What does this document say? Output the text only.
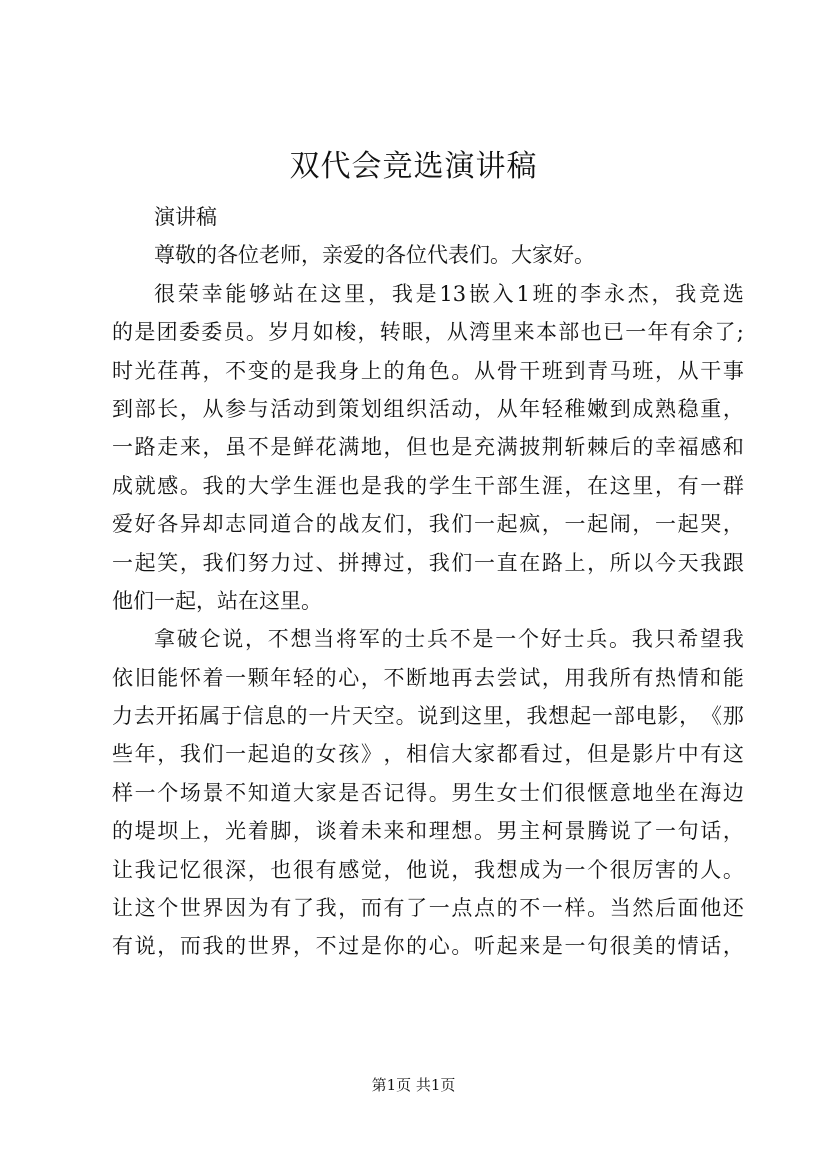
双代会竞选演讲稿
演讲稿
尊敬的各位老师，亲爱的各位代表们。大家好。
很 荣 幸 能 够 站 在 这 里 ， 我 是 13 嵌 入 1 班 的 李 永 杰 ， 我 竞 选
的 是 团 委 委 员 。 岁 月 如 梭 ， 转 眼 ， 从 湾 里 来 本 部 也 已 一 年 有 余 了 ;
时 光 荏 苒 ， 不 变 的 是 我 身 上 的 角 色 。 从 骨 干 班 到 青 马 班 ， 从 干 事
到 部 长 ， 从 参 与 活 动 到 策 划 组 织 活 动 ， 从 年 轻 稚 嫩 到 成 熟 稳 重 ，
一 路 走 来 ， 虽 不 是 鲜 花 满 地 ， 但 也 是 充 满 披 荆 斩 棘 后 的 幸 福 感 和
成 就 感 。 我 的 大 学 生 涯 也 是 我 的 学 生 干 部 生 涯 ， 在 这 里 ， 有 一 群
爱 好 各 异 却 志 同 道 合 的 战 友 们 ， 我 们 一 起 疯 ， 一 起 闹 ， 一 起 哭 ，
一 起 笑 ， 我 们 努 力 过 、 拼 搏 过 ， 我 们 一 直 在 路 上 ， 所 以 今 天 我 跟
他们一起，站在这里。
拿 破 仑 说 ， 不 想 当 将 军 的 士 兵 不 是 一 个 好 士 兵 。 我 只 希 望 我
依 旧 能 怀 着 一 颗 年 轻 的 心 ， 不 断 地 再 去 尝 试 ， 用 我 所 有 热 情 和 能
力 去 开 拓 属 于 信 息 的 一 片 天 空 。 说 到 这 里 ， 我 想 起 一 部 电 影 ， 《 那
些 年 ， 我 们 一 起 追 的 女 孩 》 ， 相 信 大 家 都 看 过 ， 但 是 影 片 中 有 这
样 一 个 场 景 不 知 道 大 家 是 否 记 得 。 男 生 女 士 们 很 惬 意 地 坐 在 海 边
的 堤 坝 上 ， 光 着 脚 ， 谈 着 未 来 和 理 想 。 男 主 柯 景 腾 说 了 一 句 话 ，
让 我 记 忆 很 深 ， 也 很 有 感 觉 ， 他 说 ， 我 想 成 为 一 个 很 厉 害 的 人 。
让 这 个 世 界 因 为 有 了 我 ， 而 有 了 一 点 点 的 不 一 样 。 当 然 后 面 他 还
有 说 ， 而 我 的 世 界 ， 不 过 是 你 的 心 。 听 起 来 是 一 句 很 美 的 情 话 ，
第1页 共1页
